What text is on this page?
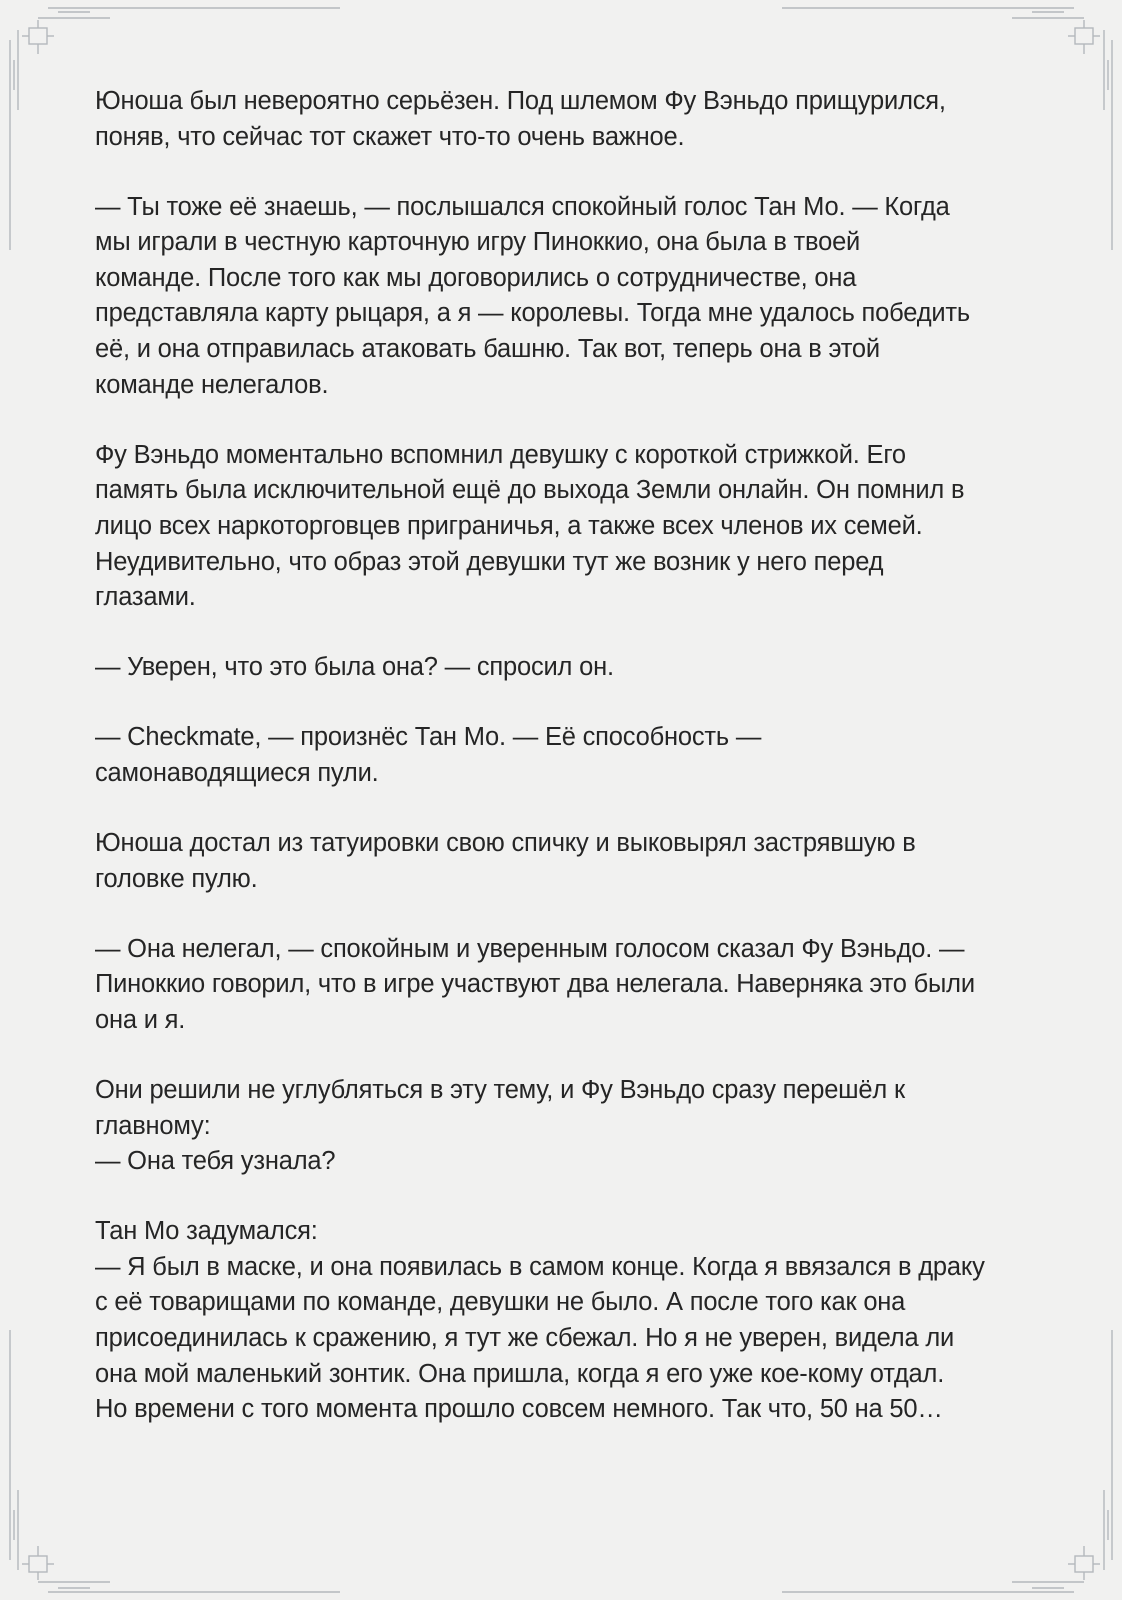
Юноша был невероятно серьёзен. Под шлемом Фу Вэньдо прищурился,
поняв, что сейчас тот скажет что-то очень важное.

— Ты тоже её знаешь, — послышался спокойный голос Тан Мо. — Когда
мы играли в честную карточную игру Пиноккио, она была в твоей
команде. После того как мы договорились о сотрудничестве, она
представляла карту рыцаря, а я — королевы. Тогда мне удалось победить
её, и она отправилась атаковать башню. Так вот, теперь она в этой
команде нелегалов.

Фу Вэньдо моментально вспомнил девушку с короткой стрижкой. Его
память была исключительной ещё до выхода Земли онлайн. Он помнил в
лицо всех наркоторговцев приграничья, а также всех членов их семей.
Неудивительно, что образ этой девушки тут же возник у него перед
глазами.

— Уверен, что это была она? — спросил он.

— Checkmate, — произнёс Тан Мо. — Её способность —
самонаводящиеся пули.

Юноша достал из татуировки свою спичку и выковырял застрявшую в
головке пулю.

— Она нелегал, — спокойным и уверенным голосом сказал Фу Вэньдо. —
Пиноккио говорил, что в игре участвуют два нелегала. Наверняка это были
она и я.

Они решили не углубляться в эту тему, и Фу Вэньдо сразу перешёл к
главному:
— Она тебя узнала?

Тан Мо задумался:
— Я был в маске, и она появилась в самом конце. Когда я ввязался в драку
с её товарищами по команде, девушки не было. А после того как она
присоединилась к сражению, я тут же сбежал. Но я не уверен, видела ли
она мой маленький зонтик. Она пришла, когда я его уже кое-кому отдал.
Но времени с того момента прошло совсем немного. Так что, 50 на 50…
